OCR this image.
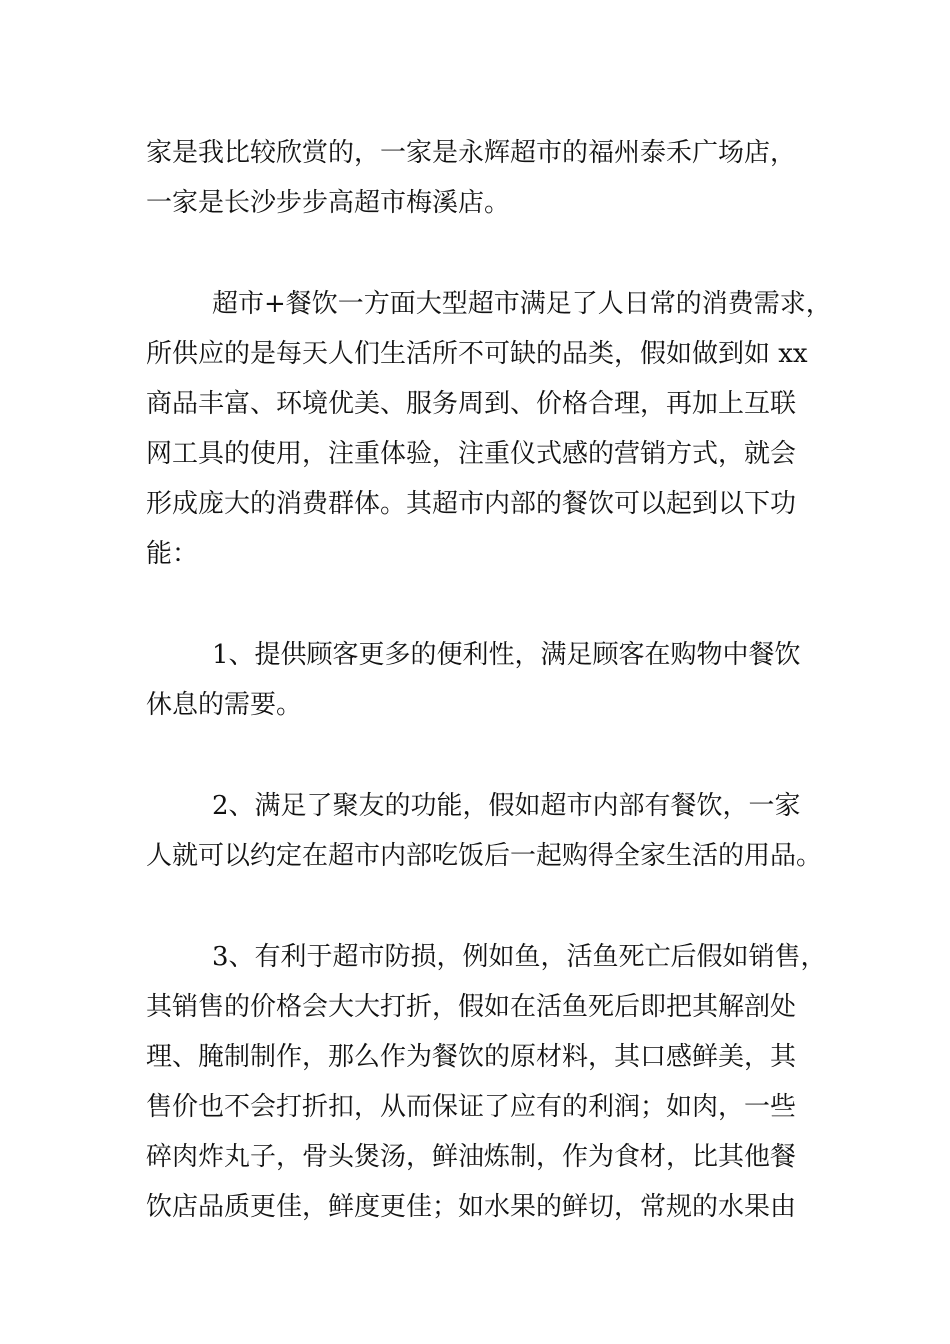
家是我比较欣赏的，一家是永辉超市的福州泰禾广场店，
一家是长沙步步高超市梅溪店。
超市+餐饮一方面大型超市满足了人日常的消费需求，
所供应的是每天人们生活所不可缺的品类，假如做到如 xx
商品丰富、环境优美、服务周到、价格合理，再加上互联
网工具的使用，注重体验，注重仪式感的营销方式，就会
形成庞大的消费群体。其超市内部的餐饮可以起到以下功
能：
1、提供顾客更多的便利性，满足顾客在购物中餐饮
休息的需要。
2、满足了聚友的功能，假如超市内部有餐饮，一家
人就可以约定在超市内部吃饭后一起购得全家生活的用品。
3、有利于超市防损，例如鱼，活鱼死亡后假如销售，
其销售的价格会大大打折，假如在活鱼死后即把其解剖处
理、腌制制作，那么作为餐饮的原材料，其口感鲜美，其
售价也不会打折扣，从而保证了应有的利润；如肉，一些
碎肉炸丸子，骨头煲汤，鲜油炼制，作为食材，比其他餐
饮店品质更佳，鲜度更佳；如水果的鲜切，常规的水果由
